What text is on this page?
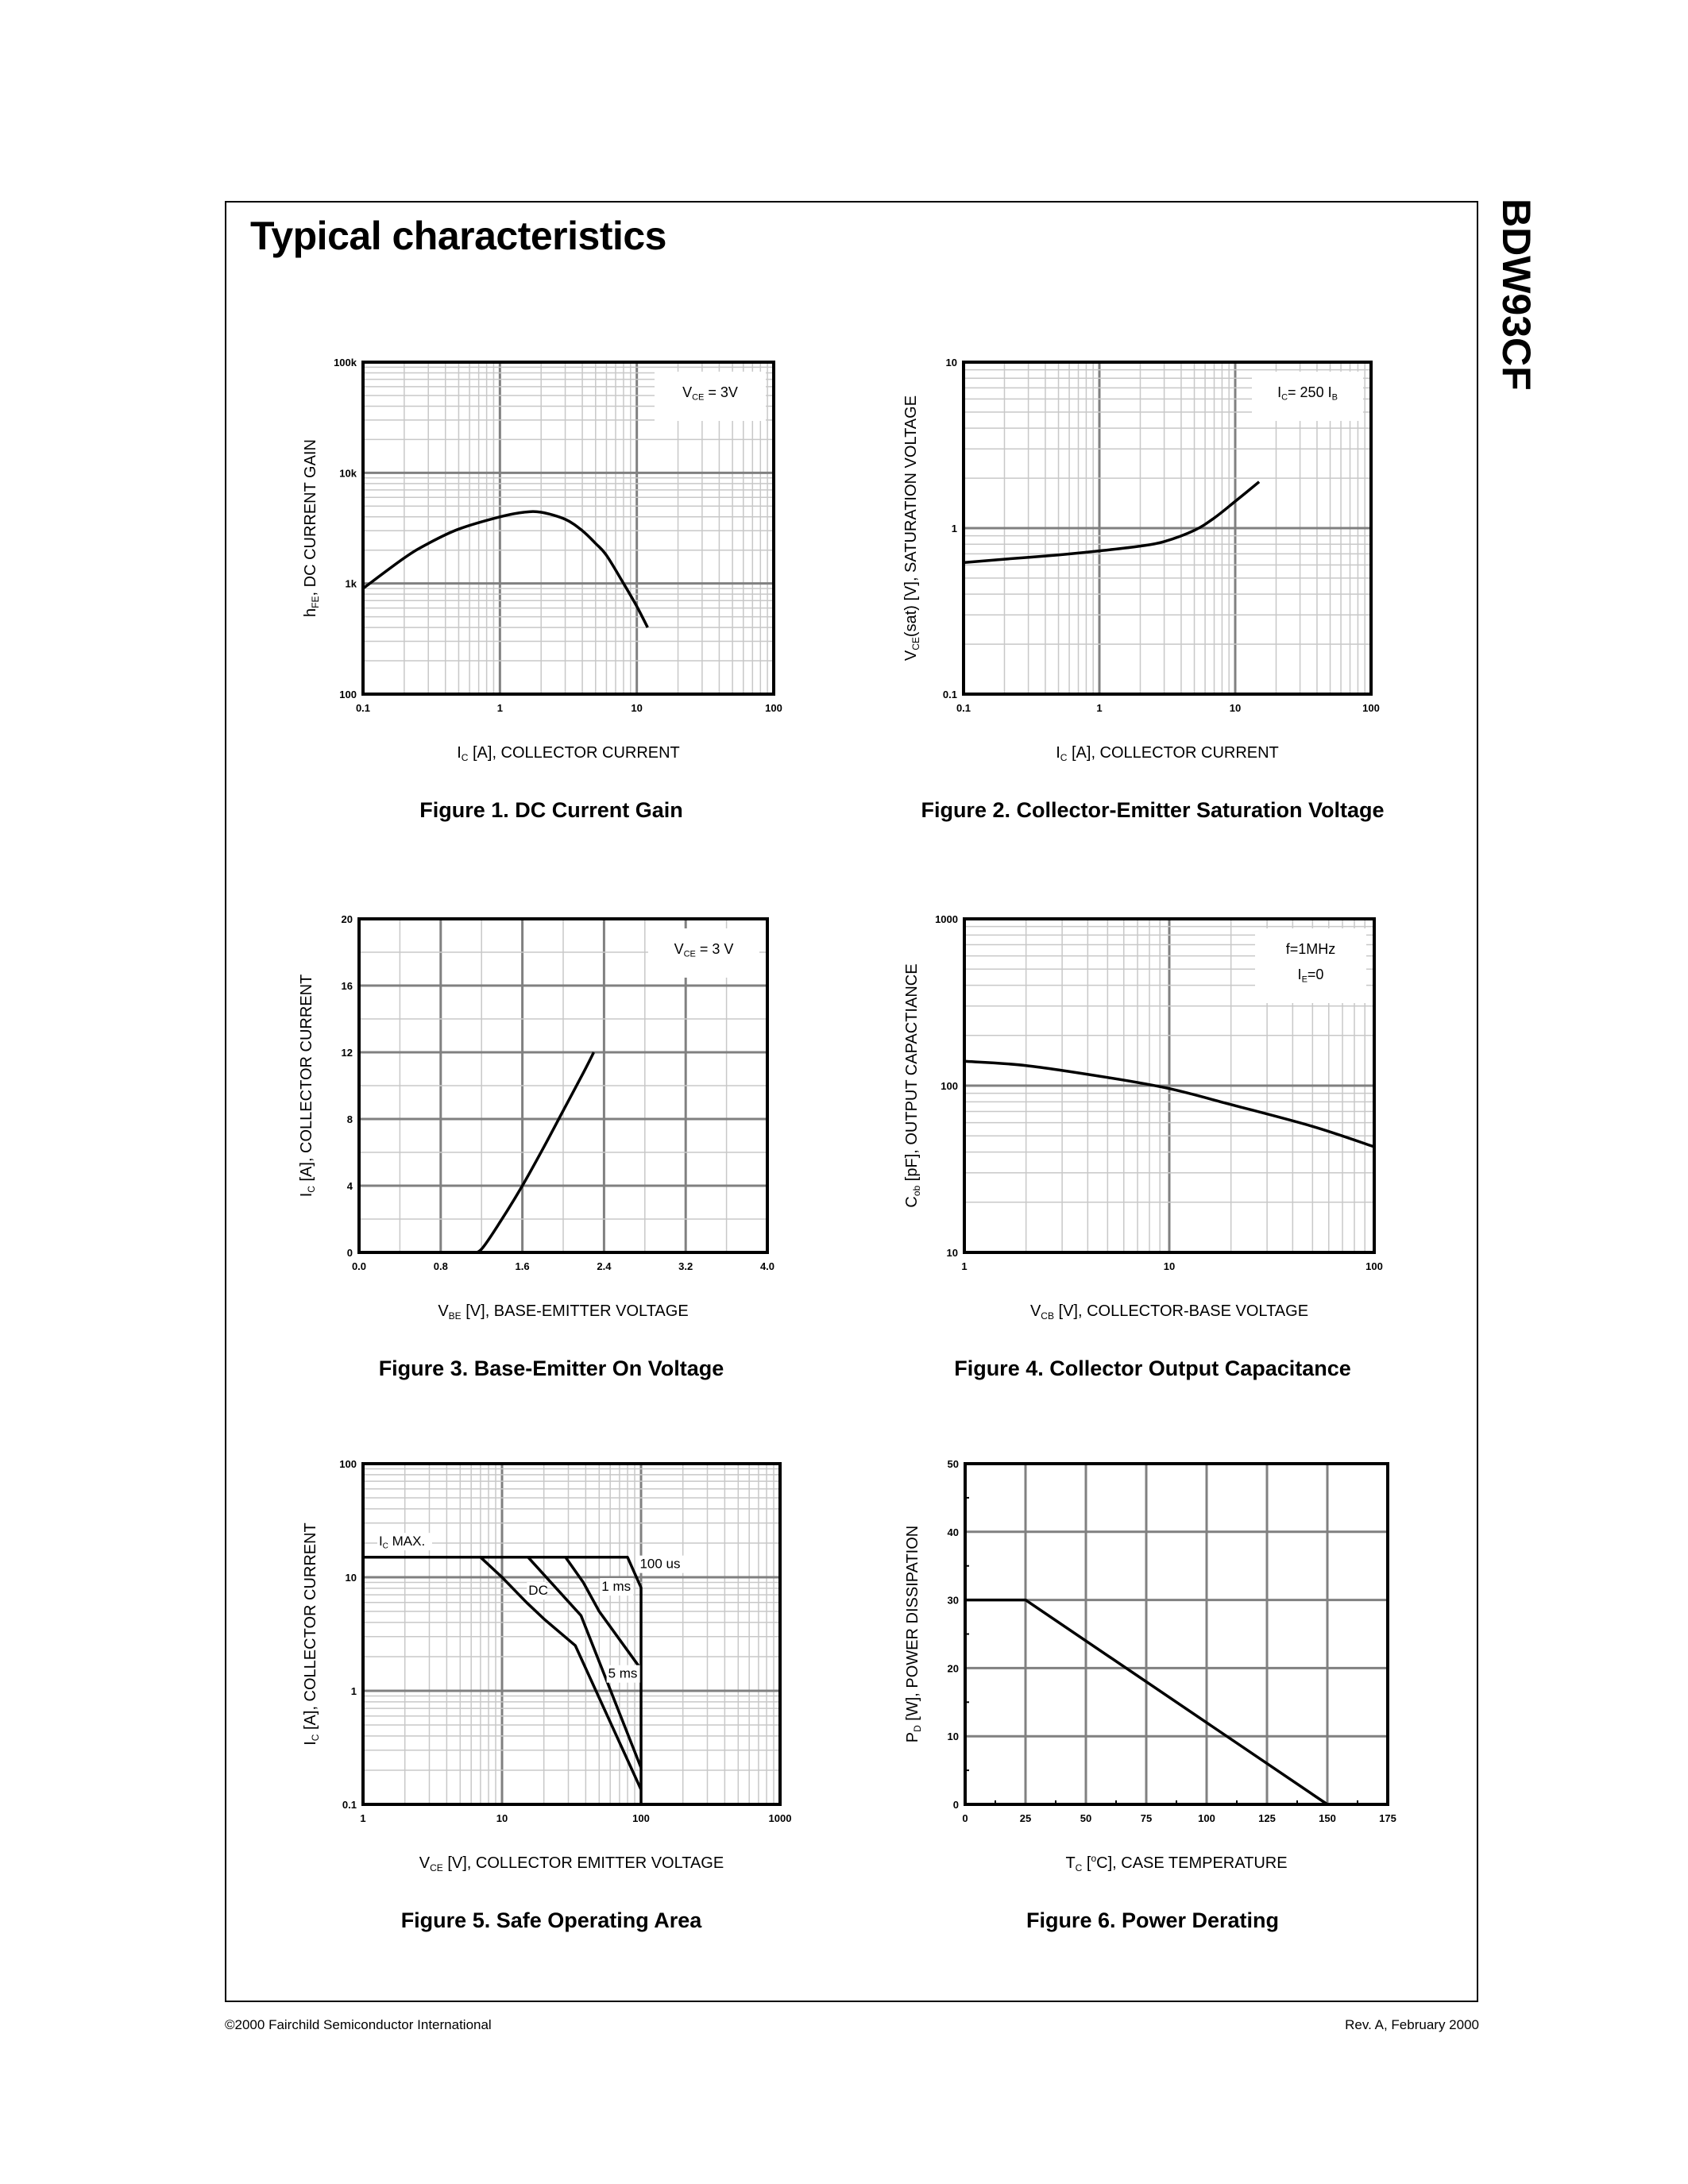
Typical characteristics	BDW93CF
©2000 Fairchild Semiconductor International	Rev. A, February 2000
$V_{CE} = 3V$
0.1	1	10	100
100
1k
10k
100k
$I_C$ [A], COLLECTOR CURRENT
$h_{FE}$, DC CURRENT GAIN
Figure 1. DC Current Gain
$I_C= 250$ $I_B$
0.1	1	10	100
0.1
1
10
$I_C$ [A], COLLECTOR CURRENT
$V_{CE}(sat)$ [V], SATURATION VOLTAGE
Figure 2. Collector-Emitter Saturation Voltage
$V_{CE} = 3$ V
0.0	0.8	1.6	2.4	3.2	4.0
0
4
8
12
16
20
$V_{BE}$ [V], BASE-EMITTER VOLTAGE
$I_C$ [A], COLLECTOR CURRENT
Figure 3. Base-Emitter On Voltage
f=1MHz
$I_E=0$
1	10	100
10
100
1000
$V_{CB}$ [V], COLLECTOR-BASE VOLTAGE
$C_{ob}$ [pF], OUTPUT CAPACTIANCE
Figure 4. Collector Output Capacitance
$I_C$ MAX.
100 us
1 ms
DC
5 ms
1	10	100	1000
0.1
1
10
100
$V_{CE}$ [V], COLLECTOR EMITTER VOLTAGE
$I_C$ [A], COLLECTOR CURRENT
Figure 5. Safe Operating Area
0	25	50	75	100	125	150	175
0
10
20
30
40
50
$T_C$ [$^o$C], CASE TEMPERATURE
$P_D$ [W], POWER DISSIPATION
Figure 6. Power Derating
